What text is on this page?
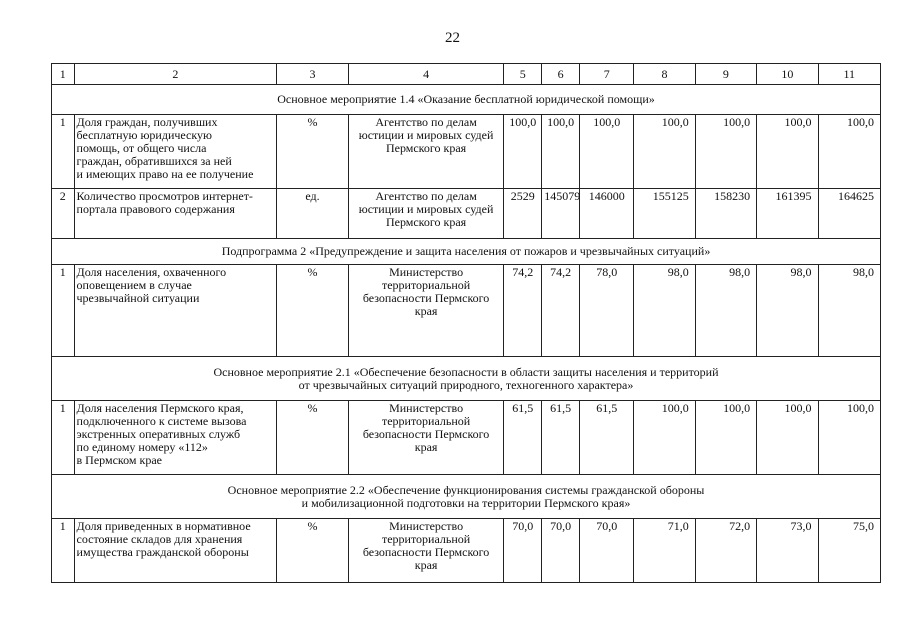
22
1	2	3	4	5	6	7	8	9	10	11
Основное мероприятие 1.4 «Оказание бесплатной юридической помощи»										
1	Доля граждан, получивших
бесплатную юридическую
помощь, от общего числа
граждан, обратившихся за ней
и имеющих право на ее получение	%	Агентство по делам
юстиции и мировых судей
Пермского края	100,0	100,0	100,0	100,0	100,0	100,0	100,0
2	Количество просмотров интернет-
портала правового содержания	ед.	Агентство по делам
юстиции и мировых судей
Пермского края	2529	145079	146000	155125	158230	161395	164625
Подпрограмма 2 «Предупреждение и защита населения от пожаров и чрезвычайных ситуаций»										
1	Доля населения, охваченного
оповещением в случае
чрезвычайной ситуации	%	Министерство
территориальной
безопасности Пермского
края	74,2	74,2	78,0	98,0	98,0	98,0	98,0
Основное мероприятие 2.1 «Обеспечение безопасности в области защиты населения и территорий
от чрезвычайных ситуаций природного, техногенного характера»										
1	Доля населения Пермского края,
подключенного к системе вызова
экстренных оперативных служб
по единому номеру «112»
в Пермском крае	%	Министерство
территориальной
безопасности Пермского
края	61,5	61,5	61,5	100,0	100,0	100,0	100,0
Основное мероприятие 2.2 «Обеспечение функционирования системы гражданской обороны
и мобилизационной подготовки на территории Пермского края»										
1	Доля приведенных в нормативное
состояние складов для хранения
имущества гражданской обороны	%	Министерство
территориальной
безопасности Пермского
края	70,0	70,0	70,0	71,0	72,0	73,0	75,0
